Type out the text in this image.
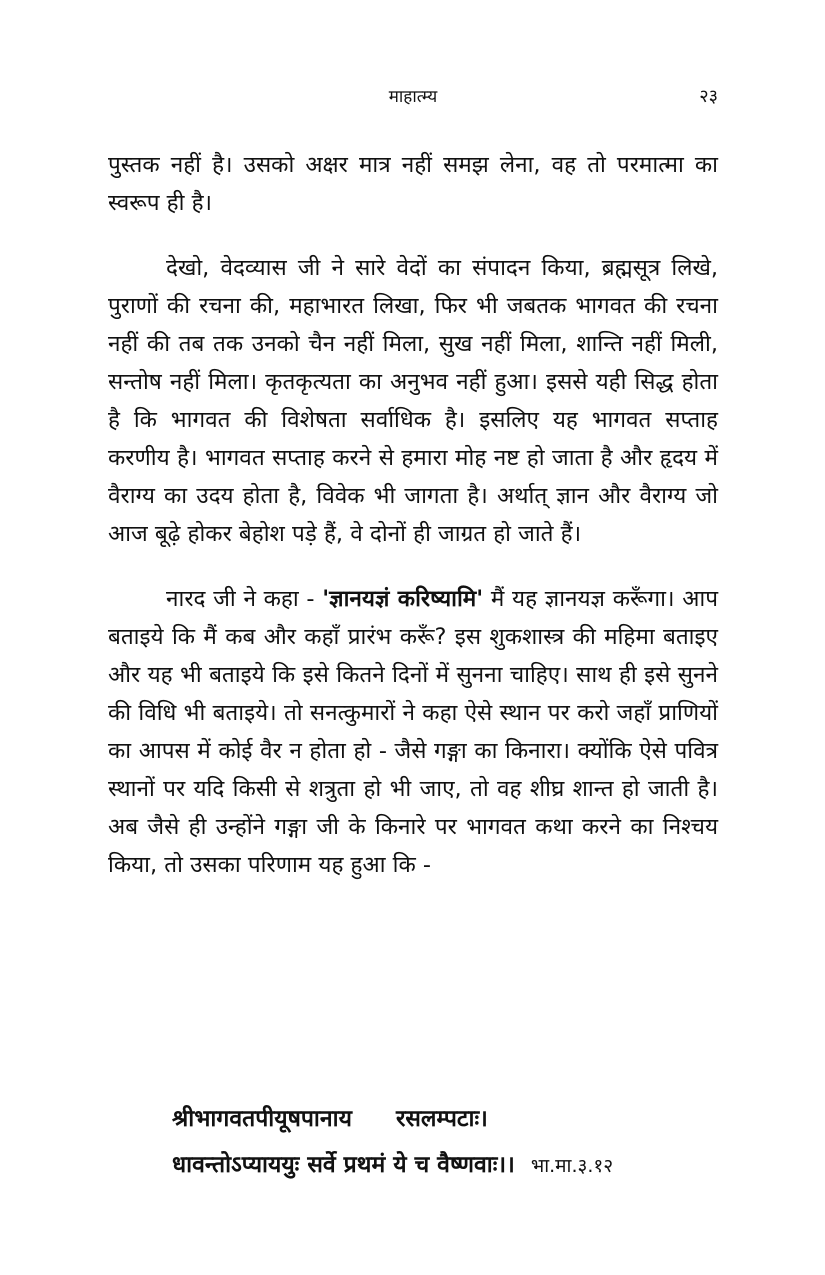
माहात्म्य	२३

पुस्तक नहीं है। उसको अक्षर मात्र नहीं समझ लेना, वह तो परमात्मा का स्वरूप ही है।

देखो, वेदव्यास जी ने सारे वेदों का संपादन किया, ब्रह्मसूत्र लिखे, पुराणों की रचना की, महाभारत लिखा, फिर भी जबतक भागवत की रचना नहीं की तब तक उनको चैन नहीं मिला, सुख नहीं मिला, शान्ति नहीं मिली, सन्तोष नहीं मिला। कृतकृत्यता का अनुभव नहीं हुआ। इससे यही सिद्ध होता है कि भागवत की विशेषता सर्वाधिक है। इसलिए यह भागवत सप्ताह करणीय है। भागवत सप्ताह करने से हमारा मोह नष्ट हो जाता है और हृदय में वैराग्य का उदय होता है, विवेक भी जागता है। अर्थात् ज्ञान और वैराग्य जो आज बूढ़े होकर बेहोश पड़े हैं, वे दोनों ही जाग्रत हो जाते हैं।

नारद जी ने कहा - 'ज्ञानयज्ञं करिष्यामि' मैं यह ज्ञानयज्ञ करूँगा। आप बताइये कि मैं कब और कहाँ प्रारंभ करूँ? इस शुकशास्त्र की महिमा बताइए और यह भी बताइये कि इसे कितने दिनों में सुनना चाहिए। साथ ही इसे सुनने की विधि भी बताइये। तो सनत्कुमारों ने कहा ऐसे स्थान पर करो जहाँ प्राणियों का आपस में कोई वैर न होता हो - जैसे गङ्गा का किनारा। क्योंकि ऐसे पवित्र स्थानों पर यदि किसी से शत्रुता हो भी जाए, तो वह शीघ्र शान्त हो जाती है। अब जैसे ही उन्होंने गङ्गा जी के किनारे पर भागवत कथा करने का निश्चय किया, तो उसका परिणाम यह हुआ कि -

श्रीभागवतपीयूषपानाय रसलम्पटाः।
धावन्तोऽप्याययुः सर्वे प्रथमं ये च वैष्णवाः।। भा.मा.३.१२
